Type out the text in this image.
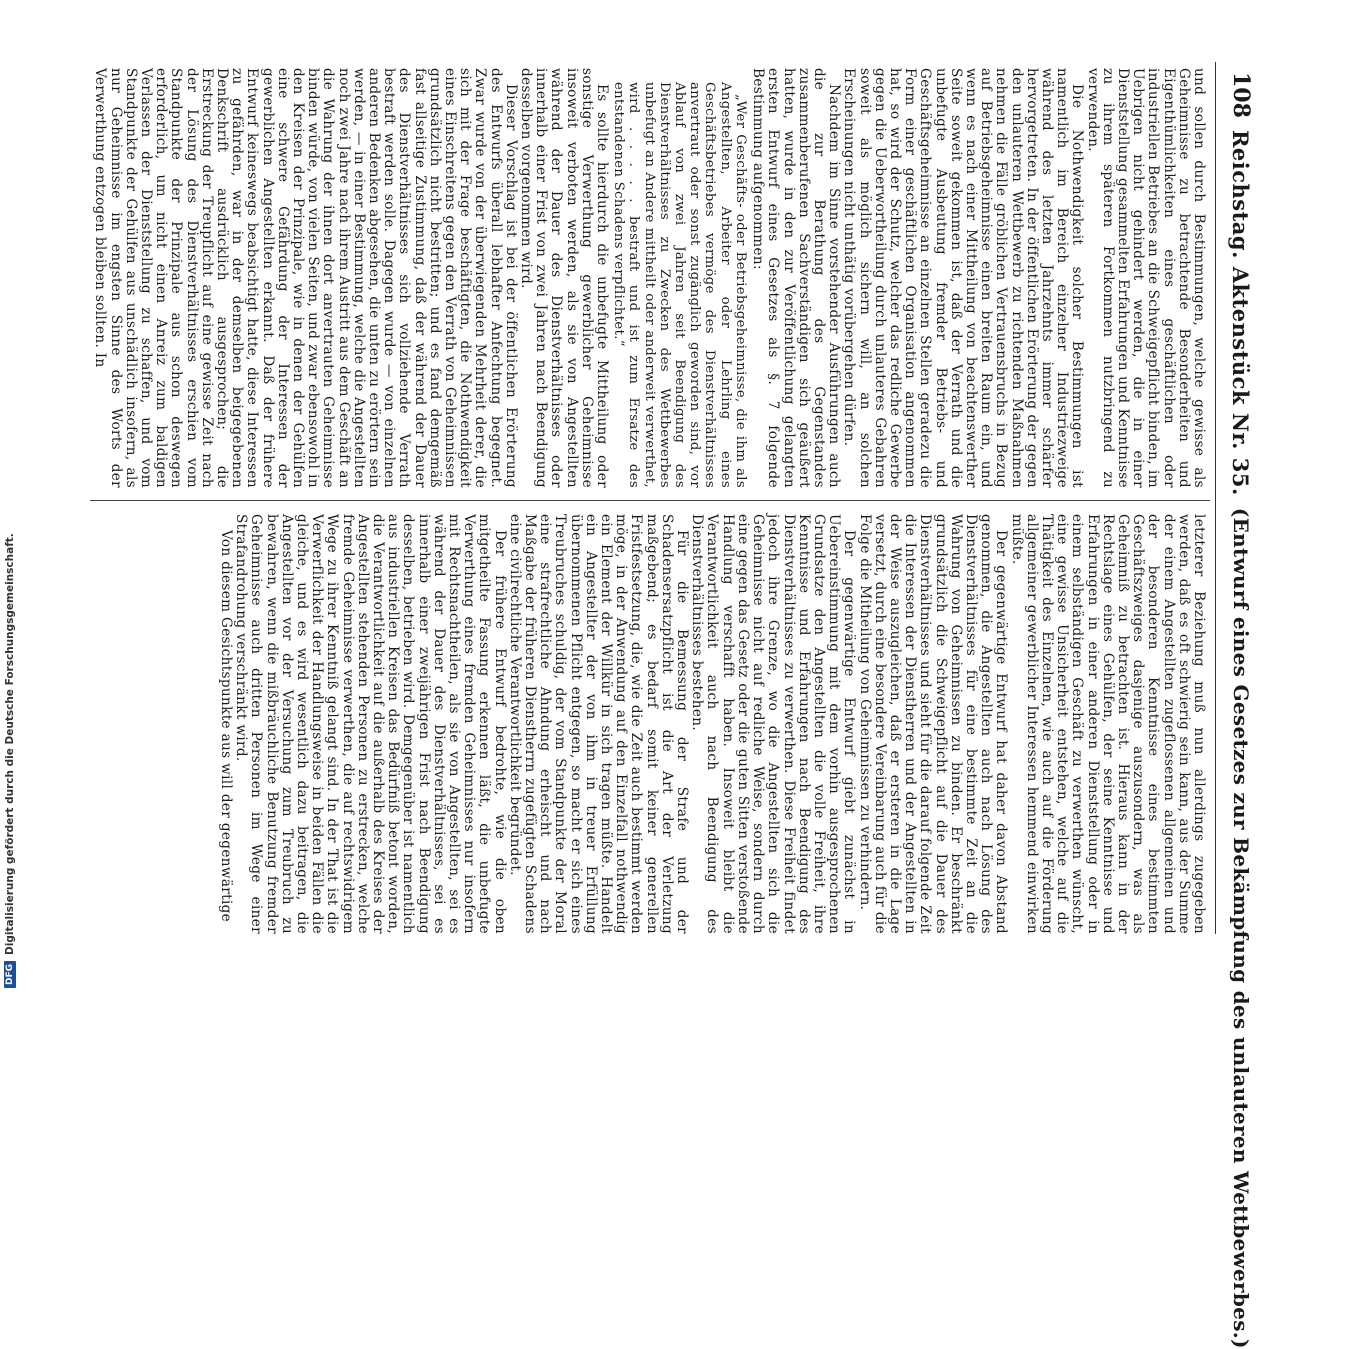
DFG
Digitalisierung gefördert durch die Deutsche Forschungsgemeinschaft.
108
Reichstag. Aktenstück Nr. 35.
(Entwurf eines Gesetzes zur Bekämpfung des unlauteren Wettbewerbes.)

und sollen durch Bestimmungen, welche gewisse als Geheimnisse zu betrachtende Besonderheiten und Eigenthümlichkeiten eines geschäftlichen oder industriellen Betriebes an die Schweigepflicht binden, im Uebrigen nicht gehindert werden, die in einer Dienststellung gesammelten Erfahrungen und Kenntnisse zu ihrem späteren Fortkommen nutzbringend zu verwenden.

Die Nothwendigkeit solcher Bestimmungen ist namentlich im Bereich einzelner Industriezweige während des letzten Jahrzehnts immer schärfer hervorgetreten. In der öffentlichen Erörterung der gegen den unlauteren Wettbewerb zu richtenden Maßnahmen nehmen die Fälle gröblichen Vertrauensbruchs in Bezug auf Betriebsgeheimnisse einen breiten Raum ein, und wenn es nach einer Mittheilung von beachtenswerther Seite soweit gekommen ist, daß der Verrath und die unbefugte Ausbeutung fremder Betriebs- und Geschäftsgeheimnisse an einzelnen Stellen geradezu die Form einer geschäftlichen Organisation angenommen hat, so wird der Schutz, welcher das redliche Gewerbe gegen die Ueberwortheilung durch unlauteres Gebahren soweit als möglich sichern will, an solchen Erscheinungen nicht unthätig vorübergehen dürfen.

Nachdem im Sinne vorstehender Ausführungen auch die zur Berathung des Gegenstandes zusammenberufenen Sachverständigen sich geäußert hatten, wurde in den zur Veröffentlichung gelangten ersten Entwurf eines Gesetzes als §. 7 folgende Bestimmung aufgenommen:

„Wer Geschäfts- oder Betriebsgeheimnisse, die ihm als Angestellten, Arbeiter oder Lehrling eines Geschäftsbetriebes vermöge des Dienstverhältnisses anvertraut oder sonst zugänglich geworden sind, vor Ablauf von zwei Jahren seit Beendigung des Dienstverhältnisses zu Zwecken des Wettbewerbes unbefugt an Andere mittheilt oder anderweit verwerthet, wird . . . . . bestraft und ist zum Ersatze des entstandenen Schadens verpflichtet.“

Es sollte hierdurch die unbefugte Mittheilung oder sonstige Verwerthung gewerblicher Geheimnisse insoweit verboten werden, als sie von Angestellten während der Dauer des Dienstverhältnisses oder innerhalb einer Frist von zwei Jahren nach Beendigung desselben vorgenommen wird.

Dieser Vorschlag ist bei der öffentlichen Erörterung des Entwurfs überall lebhafter Anfechtung begegnet. Zwar wurde von der überwiegenden Mehrheit derer, die sich mit der Frage beschäftigten, die Nothwendigkeit eines Einschreitens gegen den Verrath von Geheimnissen grundsätzlich nicht bestritten; und es fand demgemäß fast allseitige Zustimmung, daß der während der Dauer des Dienstverhältnisses sich vollziehende Verrath bestraft werden solle. Dagegen wurde — von einzelnen anderen Bedenken abgesehen, die unten zu erörtern sein werden, — in einer Bestimmung, welche die Angestellten noch zwei Jahre nach ihrem Austritt aus dem Geschäft an die Wahrung der ihnen dort anvertrauten Geheimnisse binden würde, von vielen Seiten, und zwar ebensowohl in den Kreisen der Prinzipale, wie in denen der Gehülfen eine schwere Gefährdung der Interessen der gewerblichen Angestellten erkannt. Daß der frühere Entwurf keineswegs beabsichtigt hatte, diese Interessen zu gefährden, war in der demselben beigegebenen Denkschrift ausdrücklich ausgesprochen; die Erstreckung der Treupflicht auf eine gewisse Zeit nach der Lösung des Dienstverhältnisses erschien vom Standpunkte der Prinzipale aus schon deswegen erforderlich, um nicht einen Anreiz zum baldigen Verlassen der Dienststellung zu schaffen, und vom Standpunkte der Gehülfen aus unschädlich insofern, als nur Geheimnisse im engsten Sinne des Worts der Verwerthung entzogen bleiben sollten. In

letzterer Beziehung muß nun allerdings zugegeben werden, daß es oft schwierig sein kann, aus der Summe der einem Angestellten zugeflossenen allgemeinen und der besonderen Kenntnisse eines bestimmten Geschäftszweiges dasjenige auszusondern, was als Geheimniß zu betrachten ist. Hieraus kann in der Rechtslage eines Gehülfen, der seine Kenntnisse und Erfahrungen in einer anderen Dienststellung oder in einem selbständigen Geschäft zu verwerthen wünscht, eine gewisse Unsicherheit entstehen, welche auf die Thätigkeit des Einzelnen, wie auch auf die Förderung allgemeiner gewerblicher Interessen hemmend einwirken müßte.

Der gegenwärtige Entwurf hat daher davon Abstand genommen, die Angestellten auch nach Lösung des Dienstverhältnisses für eine bestimmte Zeit an die Wahrung von Geheimnissen zu binden. Er beschränkt grundsätzlich die Schweigepflicht auf die Dauer des Dienstverhältnisses und sieht für die darauf folgende Zeit die Interessen der Dienstherren und der Angestellten in der Weise auszugleichen, daß er ersteren in die Lage versetzt, durch eine besondere Vereinbarung auch für die Folge die Mitheilung von Geheimnissen zu verhindern.

Der gegenwärtige Entwurf giebt zunächst in Uebereinstimmung mit dem vorhin ausgesprochenen Grundsatze den Angestellten die volle Freiheit, ihre Kenntnisse und Erfahrungen nach Beendigung des Dienstverhältnisses zu verwerthen. Diese Freiheit findet jedoch ihre Grenze, wo die Angestellten sich die Geheimnisse nicht auf redliche Weise, sondern durch eine gegen das Gesetz oder die guten Sitten verstoßende Handlung verschafft haben. Insoweit bleibt die Verantwortlichkeit auch nach Beendigung des Dienstverhältnisses bestehen.

Für die Bemessung der Strafe und der Schadensersatzpflicht ist die Art der Verletzung maßgebend; es bedarf somit keiner generellen Fristfestsetzung, die, wie die Zeit auch bestimmt werden möge, in der Anwendung auf den Einzelfall nothwendig ein Element der Willkür in sich tragen müßte. Handelt ein Angestellter der von ihm in treuer Erfüllung übernommenen Pflicht entgegen, so macht er sich eines Treubruches schuldig, der vom Standpunkte der Moral eine strafrechtliche Ahndung erheischt und nach Maßgabe der früheren Dienstherrn zugefügten Schadens eine civilrechtliche Verantwortlichkeit begründet.

Der frühere Entwurf bedrohte, wie die oben mitgetheilte Fassung erkennen läßt, die unbefugte Verwerthung eines fremden Geheimnisses nur insofern mit Rechtsnachtheilen, als sie von Angestellten, sei es während der Dauer des Dienstverhältnisses, sei es innerhalb einer zweijährigen Frist nach Beendigung desselben, betrieben wird. Demgegenüber ist namentlich aus industriellen Kreisen das Bedürfniß betont worden, die Verantwortlichkeit auf die außerhalb des Kreises der Angestellten stehenden Personen zu erstrecken, welche fremde Geheimnisse verwerthen, die auf rechtswidrigem Wege zu ihrer Kenntniß gelangt sind. In der That ist die Verwerflichkeit der Handlungsweise in beiden Fällen die gleiche, und es wird wesentlich dazu beitragen, die Angestellten vor der Versuchung zum Treubruch zu bewahren, wenn die mißbräuchliche Benutzung fremder Geheimnisse auch dritten Personen im Wege einer Strafandrohung verschränkt wird.

Von diesem Gesichtspunkte aus will der gegenwärtige
